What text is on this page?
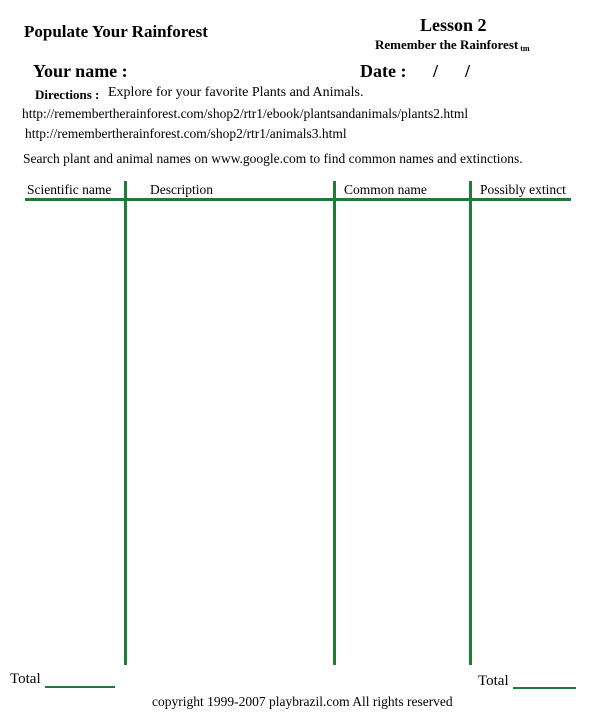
Populate Your Rainforest	Lesson 2
Remember the Rainforest $_{tm}$
Your name :	Date : / /
Directions : Explore for your favorite Plants and Animals.
http://remembertherainforest.com/shop2/rtr1/ebook/plantsandanimals/plants2.html
http://remembertherainforest.com/shop2/rtr1/animals3.html
Search plant and animal names on www.google.com to find common names and extinctions.
Scientific name	Description	Common name	Possibly extinct
Total	Total
copyright 1999-2007 playbrazil.com All rights reserved
